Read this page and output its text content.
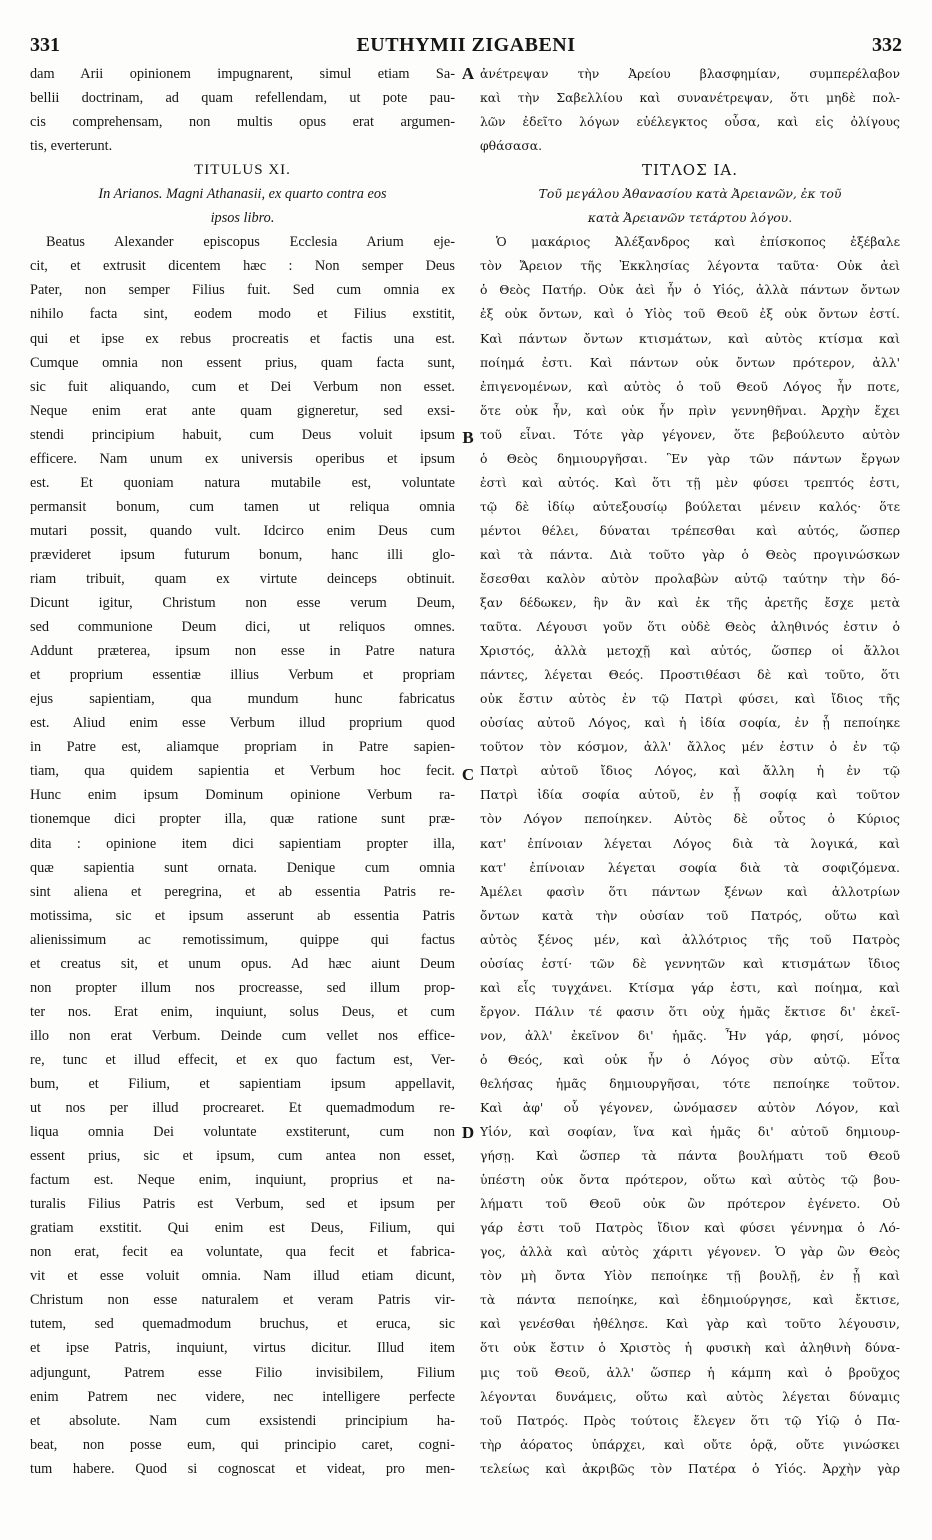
EUTHYMII ZIGABENI
331	332
dam Arii opinionem impugnarent, simul etiam Sa-
bellii doctrinam, ad quam refellendam, ut pote pau-
cis comprehensam, non multis opus erat argumen-
tis, everterunt.
TITULUS XI.
In Arianos. Magni Athanasii, ex quarto contra eos
ipsos libro.
Beatus Alexander episcopus Ecclesia Arium eje-
cit, et extrusit dicentem hæc : Non semper Deus
Pater, non semper Filius fuit. Sed cum omnia ex
nihilo facta sint, eodem modo et Filius exstitit,
qui et ipse ex rebus procreatis et factis una est.
Cumque omnia non essent prius, quam facta sunt,
sic fuit aliquando, cum et Dei Verbum non esset.
Neque enim erat ante quam gigneretur, sed exsi-
stendi principium habuit, cum Deus voluit ipsum
efficere. Nam unum ex universis operibus et ipsum
est. Et quoniam natura mutabile est, voluntate
permansit bonum, cum tamen ut reliqua omnia
mutari possit, quando vult. Idcirco enim Deus cum
prævideret ipsum futurum bonum, hanc illi glo-
riam tribuit, quam ex virtute deinceps obtinuit.
Dicunt igitur, Christum non esse verum Deum,
sed communione Deum dici, ut reliquos omnes.
Addunt præterea, ipsum non esse in Patre natura
et proprium essentiæ illius Verbum et propriam
ejus sapientiam, qua mundum hunc fabricatus
est. Aliud enim esse Verbum illud proprium quod
in Patre est, aliamque propriam in Patre sapien-
tiam, qua quidem sapientia et Verbum hoc fecit.
Hunc enim ipsum Dominum opinione Verbum ra-
tionemque dici propter illa, quæ ratione sunt præ-
dita : opinione item dici sapientiam propter illa,
quæ sapientia sunt ornata. Denique cum omnia
sint aliena et peregrina, et ab essentia Patris re-
motissima, sic et ipsum asserunt ab essentia Patris
alienissimum ac remotissimum, quippe qui factus
et creatus sit, et unum opus. Ad hæc aiunt Deum
non propter illum nos procreasse, sed illum prop-
ter nos. Erat enim, inquiunt, solus Deus, et cum
illo non erat Verbum. Deinde cum vellet nos effice-
re, tunc et illud effecit, et ex quo factum est, Ver-
bum, et Filium, et sapientiam ipsum appellavit,
ut nos per illud procrearet. Et quemadmodum re-
liqua omnia Dei voluntate exstiterunt, cum non
essent prius, sic et ipsum, cum antea non esset,
factum est. Neque enim, inquiunt, proprius et na-
turalis Filius Patris est Verbum, sed et ipsum per
gratiam exstitit. Qui enim est Deus, Filium, qui
non erat, fecit ea voluntate, qua fecit et fabrica-
vit et esse voluit omnia. Nam illud etiam dicunt,
Christum non esse naturalem et veram Patris vir-
tutem, sed quemadmodum bruchus, et eruca, sic
et ipse Patris, inquiunt, virtus dicitur. Illud item
adjungunt, Patrem esse Filio invisibilem, Filium
enim Patrem nec videre, nec intelligere perfecte
et absolute. Nam cum exsistendi principium ha-
beat, non posse eum, qui principio caret, cogni-
tum habere. Quod si cognoscat et videat, pro men-
ἀνέτρεψαν τὴν Ἀρείου βλασφημίαν, συμπερέλαβον
καὶ τὴν Σαβελλίου καὶ συνανέτρεψαν, ὅτι μηδὲ πολ-
λῶν ἐδεῖτο λόγων εὐέλεγκτος οὖσα, καὶ εἰς ὀλίγους
φθάσασα.
ΤΙΤΛΟΣ ΙΑ.
Τοῦ μεγάλου Ἀθανασίου κατὰ Ἀρειανῶν, ἐκ τοῦ
κατὰ Ἀρειανῶν τετάρτου λόγου.
Ὁ μακάριος Ἀλέξανδρος καὶ ἐπίσκοπος ἐξέβαλε
τὸν Ἄρειον τῆς Ἐκκλησίας λέγοντα ταῦτα· Οὐκ ἀεὶ
ὁ Θεὸς Πατήρ. Οὐκ ἀεὶ ἦν ὁ Υἱός, ἀλλὰ πάντων ὄντων
ἐξ οὐκ ὄντων, καὶ ὁ Υἱὸς τοῦ Θεοῦ ἐξ οὐκ ὄντων ἐστί.
Καὶ πάντων ὄντων κτισμάτων, καὶ αὐτὸς κτίσμα καὶ
ποίημά ἐστι. Καὶ πάντων οὐκ ὄντων πρότερον, ἀλλ'
ἐπιγενομένων, καὶ αὐτὸς ὁ τοῦ Θεοῦ Λόγος ἦν ποτε,
ὅτε οὐκ ἦν, καὶ οὐκ ἦν πρὶν γεννηθῆναι. Ἀρχὴν ἔχει
τοῦ εἶναι. Τότε γὰρ γέγονεν, ὅτε βεβούλευτο αὐτὸν
ὁ Θεὸς δημιουργῆσαι. Ἓν γὰρ τῶν πάντων ἔργων
ἐστὶ καὶ αὐτός. Καὶ ὅτι τῇ μὲν φύσει τρεπτός ἐστι,
τῷ δὲ ἰδίῳ αὐτεξουσίῳ βούλεται μένειν καλός· ὅτε
μέντοι θέλει, δύναται τρέπεσθαι καὶ αὐτός, ὥσπερ
καὶ τὰ πάντα. Διὰ τοῦτο γὰρ ὁ Θεὸς προγινώσκων
ἔσεσθαι καλὸν αὐτὸν προλαβὼν αὐτῷ ταύτην τὴν δό-
ξαν δέδωκεν, ἣν ἂν καὶ ἐκ τῆς ἀρετῆς ἔσχε μετὰ
ταῦτα. Λέγουσι γοῦν ὅτι οὐδὲ Θεὸς ἀληθινός ἐστιν ὁ
Χριστός, ἀλλὰ μετοχῇ καὶ αὐτός, ὥσπερ οἱ ἄλλοι
πάντες, λέγεται Θεός. Προστιθέασι δὲ καὶ τοῦτο, ὅτι
οὐκ ἔστιν αὐτὸς ἐν τῷ Πατρὶ φύσει, καὶ ἴδιος τῆς
οὐσίας αὐτοῦ Λόγος, καὶ ἡ ἰδία σοφία, ἐν ᾗ πεποίηκε
τοῦτον τὸν κόσμον, ἀλλ' ἄλλος μέν ἐστιν ὁ ἐν τῷ
Πατρὶ αὐτοῦ ἴδιος Λόγος, καὶ ἄλλη ἡ ἐν τῷ
Πατρὶ ἰδία σοφία αὐτοῦ, ἐν ᾗ σοφίᾳ καὶ τοῦτον
τὸν Λόγον πεποίηκεν. Αὐτὸς δὲ οὗτος ὁ Κύριος
κατ' ἐπίνοιαν λέγεται Λόγος διὰ τὰ λογικά, καὶ
κατ' ἐπίνοιαν λέγεται σοφία διὰ τὰ σοφιζόμενα.
Ἀμέλει φασὶν ὅτι πάντων ξένων καὶ ἀλλοτρίων
ὄντων κατὰ τὴν οὐσίαν τοῦ Πατρός, οὕτω καὶ
αὐτὸς ξένος μέν, καὶ ἀλλότριος τῆς τοῦ Πατρὸς
οὐσίας ἐστί· τῶν δὲ γεννητῶν καὶ κτισμάτων ἴδιος
καὶ εἷς τυγχάνει. Κτίσμα γάρ ἐστι, καὶ ποίημα, καὶ
ἔργον. Πάλιν τέ φασιν ὅτι οὐχ ἡμᾶς ἔκτισε δι' ἐκεῖ-
νον, ἀλλ' ἐκεῖνον δι' ἡμᾶς. Ἦν γάρ, φησί, μόνος
ὁ Θεός, καὶ οὐκ ἦν ὁ Λόγος σὺν αὐτῷ. Εἶτα
θελήσας ἡμᾶς δημιουργῆσαι, τότε πεποίηκε τοῦτον.
Καὶ ἀφ' οὗ γέγονεν, ὠνόμασεν αὐτὸν Λόγον, καὶ
Υἱόν, καὶ σοφίαν, ἵνα καὶ ἡμᾶς δι' αὐτοῦ δημιουρ-
γήσῃ. Καὶ ὥσπερ τὰ πάντα βουλήματι τοῦ Θεοῦ
ὑπέστη οὐκ ὄντα πρότερον, οὕτω καὶ αὐτὸς τῷ βου-
λήματι τοῦ Θεοῦ οὐκ ὢν πρότερον ἐγένετο. Οὐ
γάρ ἐστι τοῦ Πατρὸς ἴδιον καὶ φύσει γέννημα ὁ Λό-
γος, ἀλλὰ καὶ αὐτὸς χάριτι γέγονεν. Ὁ γὰρ ὢν Θεὸς
τὸν μὴ ὄντα Υἱὸν πεποίηκε τῇ βουλῇ, ἐν ᾗ καὶ
τὰ πάντα πεποίηκε, καὶ ἐδημιούργησε, καὶ ἔκτισε,
καὶ γενέσθαι ἠθέλησε. Καὶ γὰρ καὶ τοῦτο λέγουσιν,
ὅτι οὐκ ἔστιν ὁ Χριστὸς ἡ φυσικὴ καὶ ἀληθινὴ δύνα-
μις τοῦ Θεοῦ, ἀλλ' ὥσπερ ἡ κάμπη καὶ ὁ βροῦχος
λέγονται δυνάμεις, οὕτω καὶ αὐτὸς λέγεται δύναμις
τοῦ Πατρός. Πρὸς τούτοις ἔλεγεν ὅτι τῷ Υἱῷ ὁ Πα-
τὴρ ἀόρατος ὑπάρχει, καὶ οὔτε ὁρᾷ, οὔτε γινώσκει
τελείως καὶ ἀκριβῶς τὸν Πατέρα ὁ Υἱός. Ἀρχὴν γὰρ
A
B
C
D
